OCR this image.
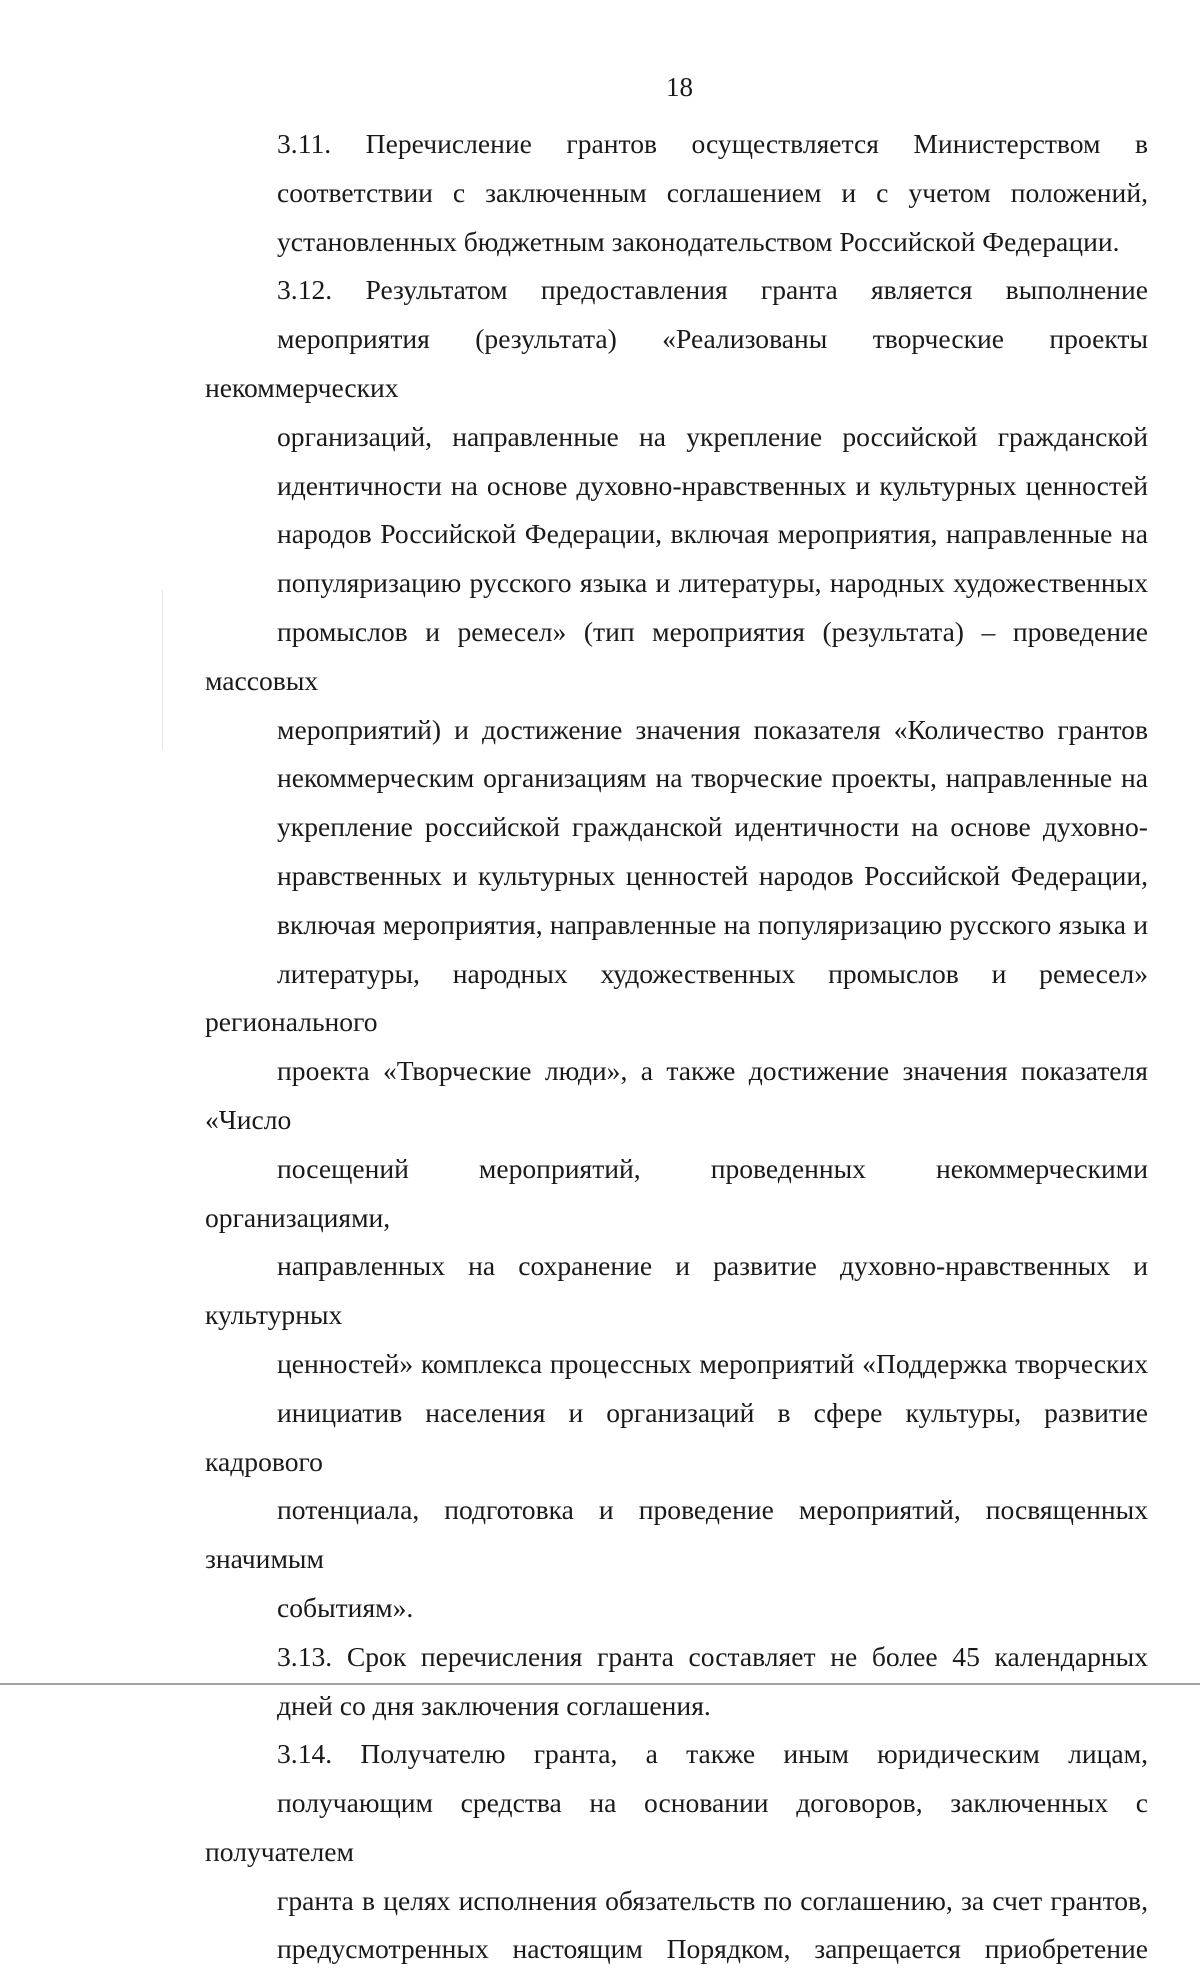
18
3.11. Перечисление грантов осуществляется Министерством в
соответствии с заключенным соглашением и с учетом положений,
установленных бюджетным законодательством Российской Федерации.
3.12. Результатом предоставления гранта является выполнение
мероприятия (результата) «Реализованы творческие проекты некоммерческих
организаций, направленные на укрепление российской гражданской
идентичности на основе духовно-нравственных и культурных ценностей
народов Российской Федерации, включая мероприятия, направленные на
популяризацию русского языка и литературы, народных художественных
промыслов и ремесел» (тип мероприятия (результата) – проведение массовых
мероприятий) и достижение значения показателя «Количество грантов
некоммерческим организациям на творческие проекты, направленные на
укрепление российской гражданской идентичности на основе духовно-
нравственных и культурных ценностей народов Российской Федерации,
включая мероприятия, направленные на популяризацию русского языка и
литературы, народных художественных промыслов и ремесел» регионального
проекта «Творческие люди», а также достижение значения показателя «Число
посещений мероприятий, проведенных некоммерческими организациями,
направленных на сохранение и развитие духовно-нравственных и культурных
ценностей» комплекса процессных мероприятий «Поддержка творческих
инициатив населения и организаций в сфере культуры, развитие кадрового
потенциала, подготовка и проведение мероприятий, посвященных значимым
событиям».
3.13. Срок перечисления гранта составляет не более 45 календарных
дней со дня заключения соглашения.
3.14. Получателю гранта, а также иным юридическим лицам,
получающим средства на основании договоров, заключенных с получателем
гранта в целях исполнения обязательств по соглашению, за счет грантов,
предусмотренных настоящим Порядком, запрещается приобретение
